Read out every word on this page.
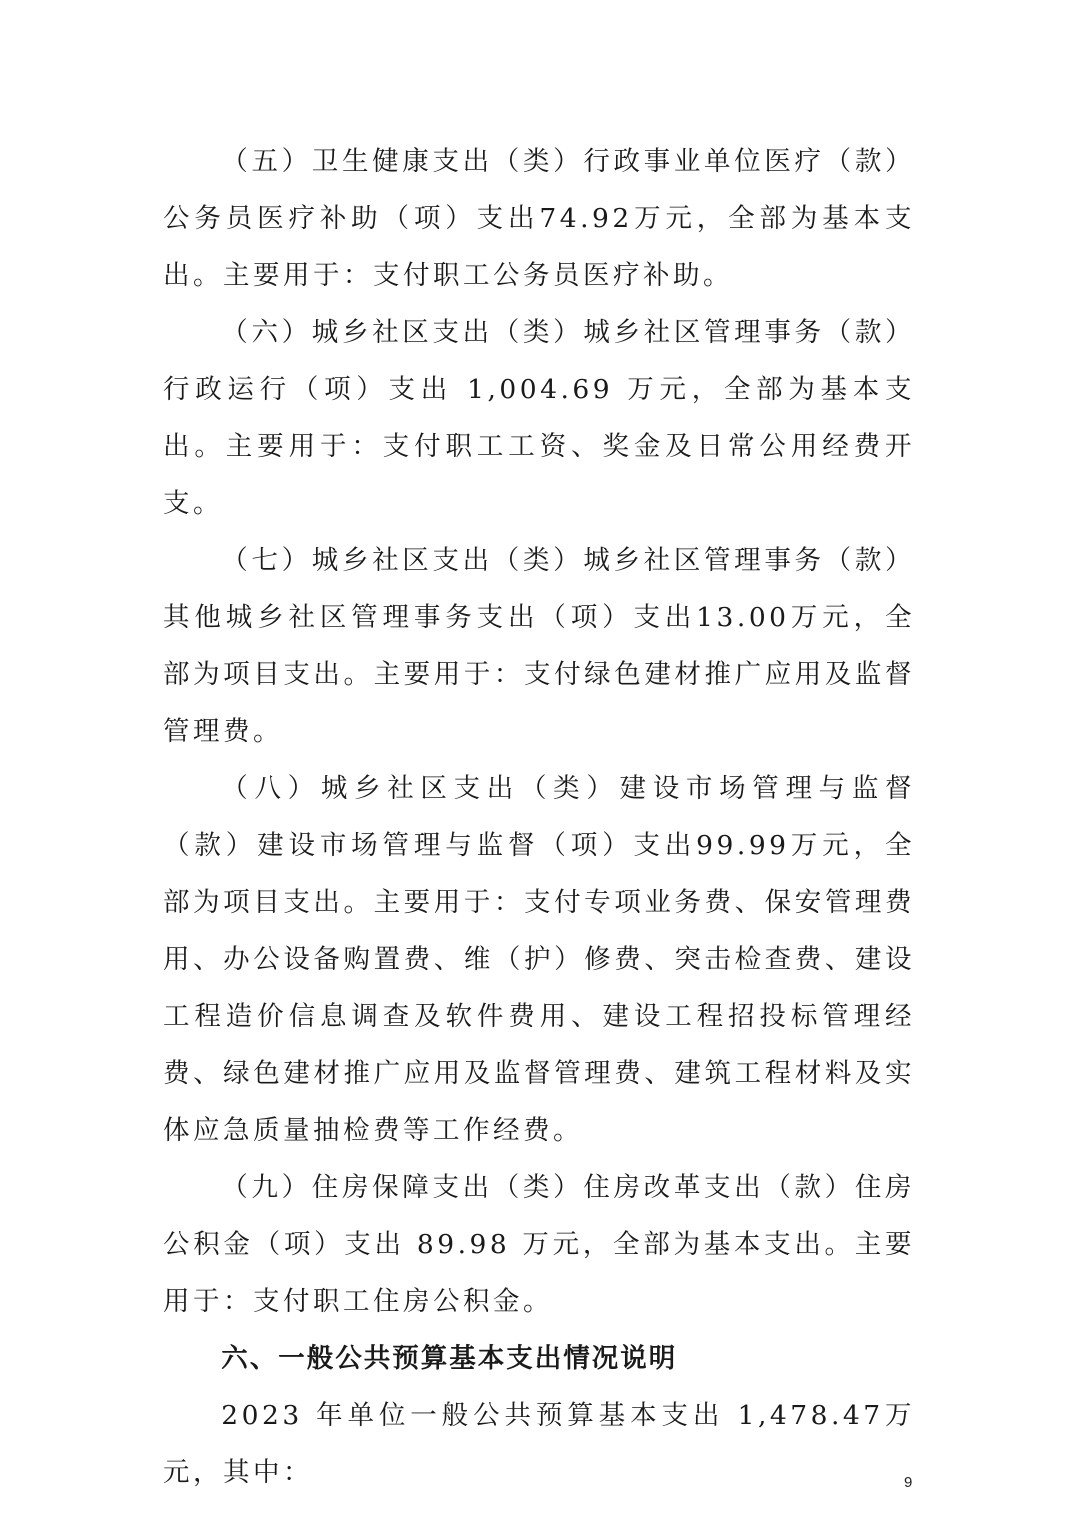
（五）卫生健康支出（类）行政事业单位医疗（款）公务员医疗补助（项）支出74.92万元，全部为基本支出。主要用于：支付职工公务员医疗补助。

（六）城乡社区支出（类）城乡社区管理事务（款）行政运行（项）支出 1,004.69 万元，全部为基本支出。主要用于：支付职工工资、奖金及日常公用经费开支。

（七）城乡社区支出（类）城乡社区管理事务（款）其他城乡社区管理事务支出（项）支出13.00万元，全部为项目支出。主要用于：支付绿色建材推广应用及监督管理费。

（八）城乡社区支出（类）建设市场管理与监督（款）建设市场管理与监督（项）支出99.99万元，全部为项目支出。主要用于：支付专项业务费、保安管理费用、办公设备购置费、维（护）修费、突击检查费、建设工程造价信息调查及软件费用、建设工程招投标管理经费、绿色建材推广应用及监督管理费、建筑工程材料及实体应急质量抽检费等工作经费。

（九）住房保障支出（类）住房改革支出（款）住房公积金（项）支出 89.98 万元，全部为基本支出。主要用于：支付职工住房公积金。

六、一般公共预算基本支出情况说明

2023 年单位一般公共预算基本支出 1,478.47万元，其中：	9
